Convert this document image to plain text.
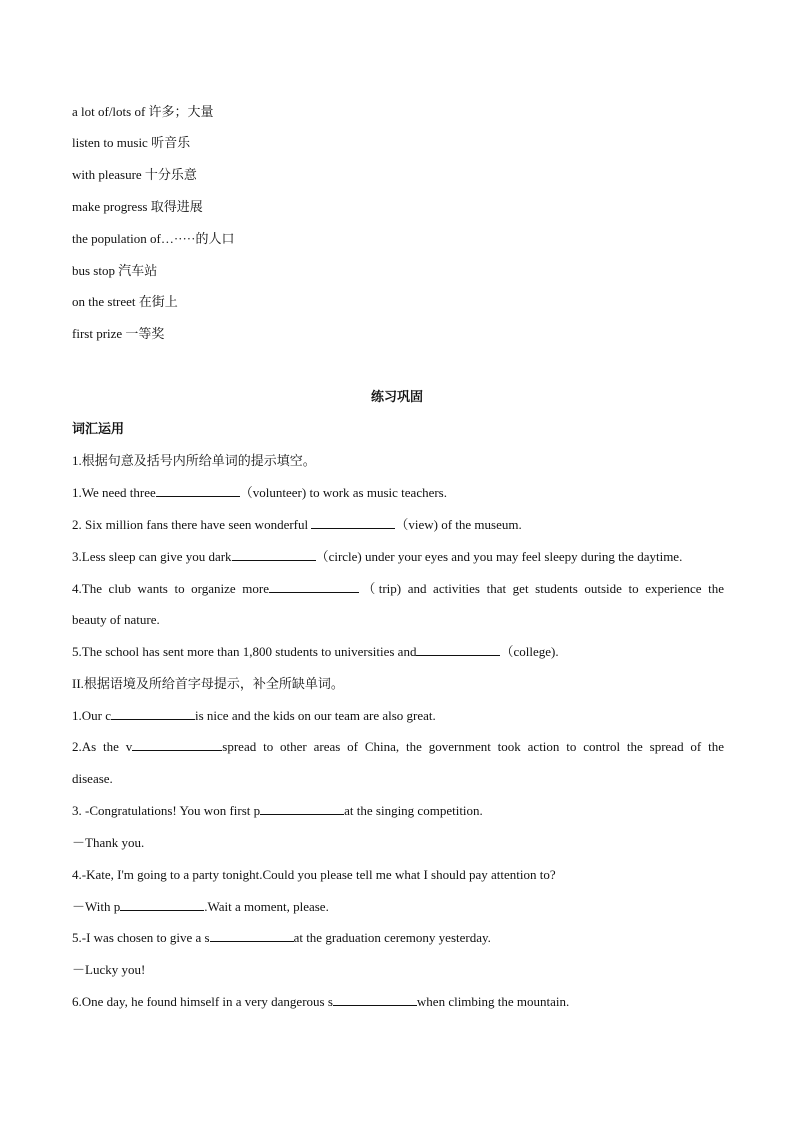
a lot of/lots of 许多；大量
listen to music 听音乐
with pleasure 十分乐意
make progress 取得进展
the population of…·····的人口
bus stop 汽车站
on the street 在街上
first prize 一等奖
练习巩固
词汇运用
1.根据句意及括号内所给单词的提示填空。
1.We need three	（volunteer) to work as music teachers.
2. Six million fans there have seen wonderful	（view) of the museum.
3.Less sleep can give you dark	（circle) under your eyes and you may feel sleepy during the daytime.
4.The club wants to organize more	（trip) and activities that get students outside to experience the
beauty of nature.
5.The school has sent more than 1,800 students to universities and	（college).
II.根据语境及所给首字母提示，补全所缺单词。
1.Our c	is nice and the kids on our team are also great.
2.As the v	spread to other areas of China, the government took action to control the spread of the
disease.
3. -Congratulations! You won first p	at the singing competition.
－Thank you.
4.-Kate, I'm going to a party tonight.Could you please tell me what I should pay attention to?
－With p	.Wait a moment, please.
5.-I was chosen to give a s	at the graduation ceremony yesterday.
－Lucky you!
6.One day, he found himself in a very dangerous s	when climbing the mountain.
